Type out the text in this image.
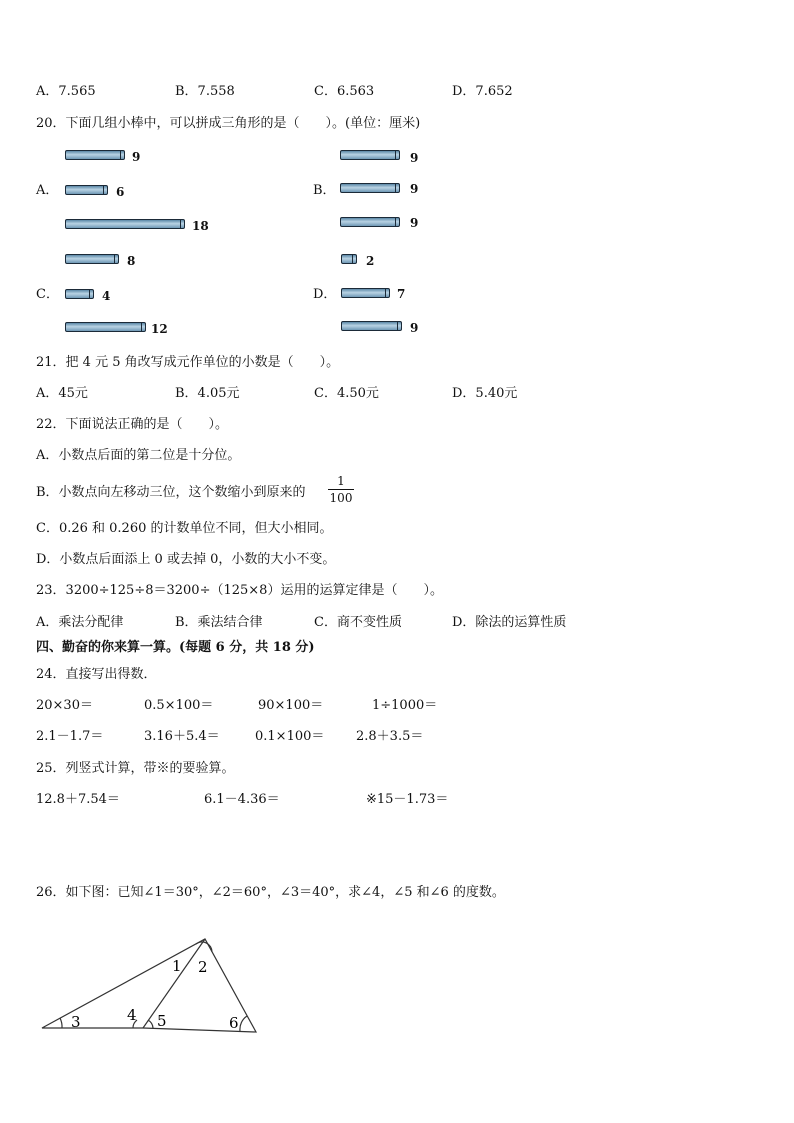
A．7.565	B．7.558	C．6.563	D．7.652
20．下面几组小棒中，可以拼成三角形的是（　　）。(单位：厘米)
A．
9
6
18
B．
9
9
9
C．
8
4
12
D．
2
7
9
21．把 4 元 5 角改写成元作单位的小数是（　　）。
A．45元	B．4.05元	C．4.50元	D．5.40元
22．下面说法正确的是（　　）。
A．小数点后面的第二位是十分位。
B．小数点向左移动三位，这个数缩小到原来的 $\frac{1}{100}$
C．0.26 和 0.260 的计数单位不同，但大小相同。
D．小数点后面添上 0 或去掉 0，小数的大小不变。
23．3200÷125÷8＝3200÷（125×8）运用的运算定律是（　　）。
A．乘法分配律	B．乘法结合律	C．商不变性质	D．除法的运算性质
四、勤奋的你来算一算。(每题 6 分，共 18 分)
24．直接写出得数．
20×30＝	0.5×100＝	90×100＝	1÷1000＝
2.1－1.7＝	3.16＋5.4＝	0.1×100＝ 2.8＋3.5＝
25．列竖式计算，带※的要验算。
12.8＋7.54＝	6.1－4.36＝	※15－1.73＝
26．如下图：已知∠1＝30°，∠2＝60°，∠3＝40°，求∠4，∠5 和∠6 的度数。
1 2
3	4 5	6
